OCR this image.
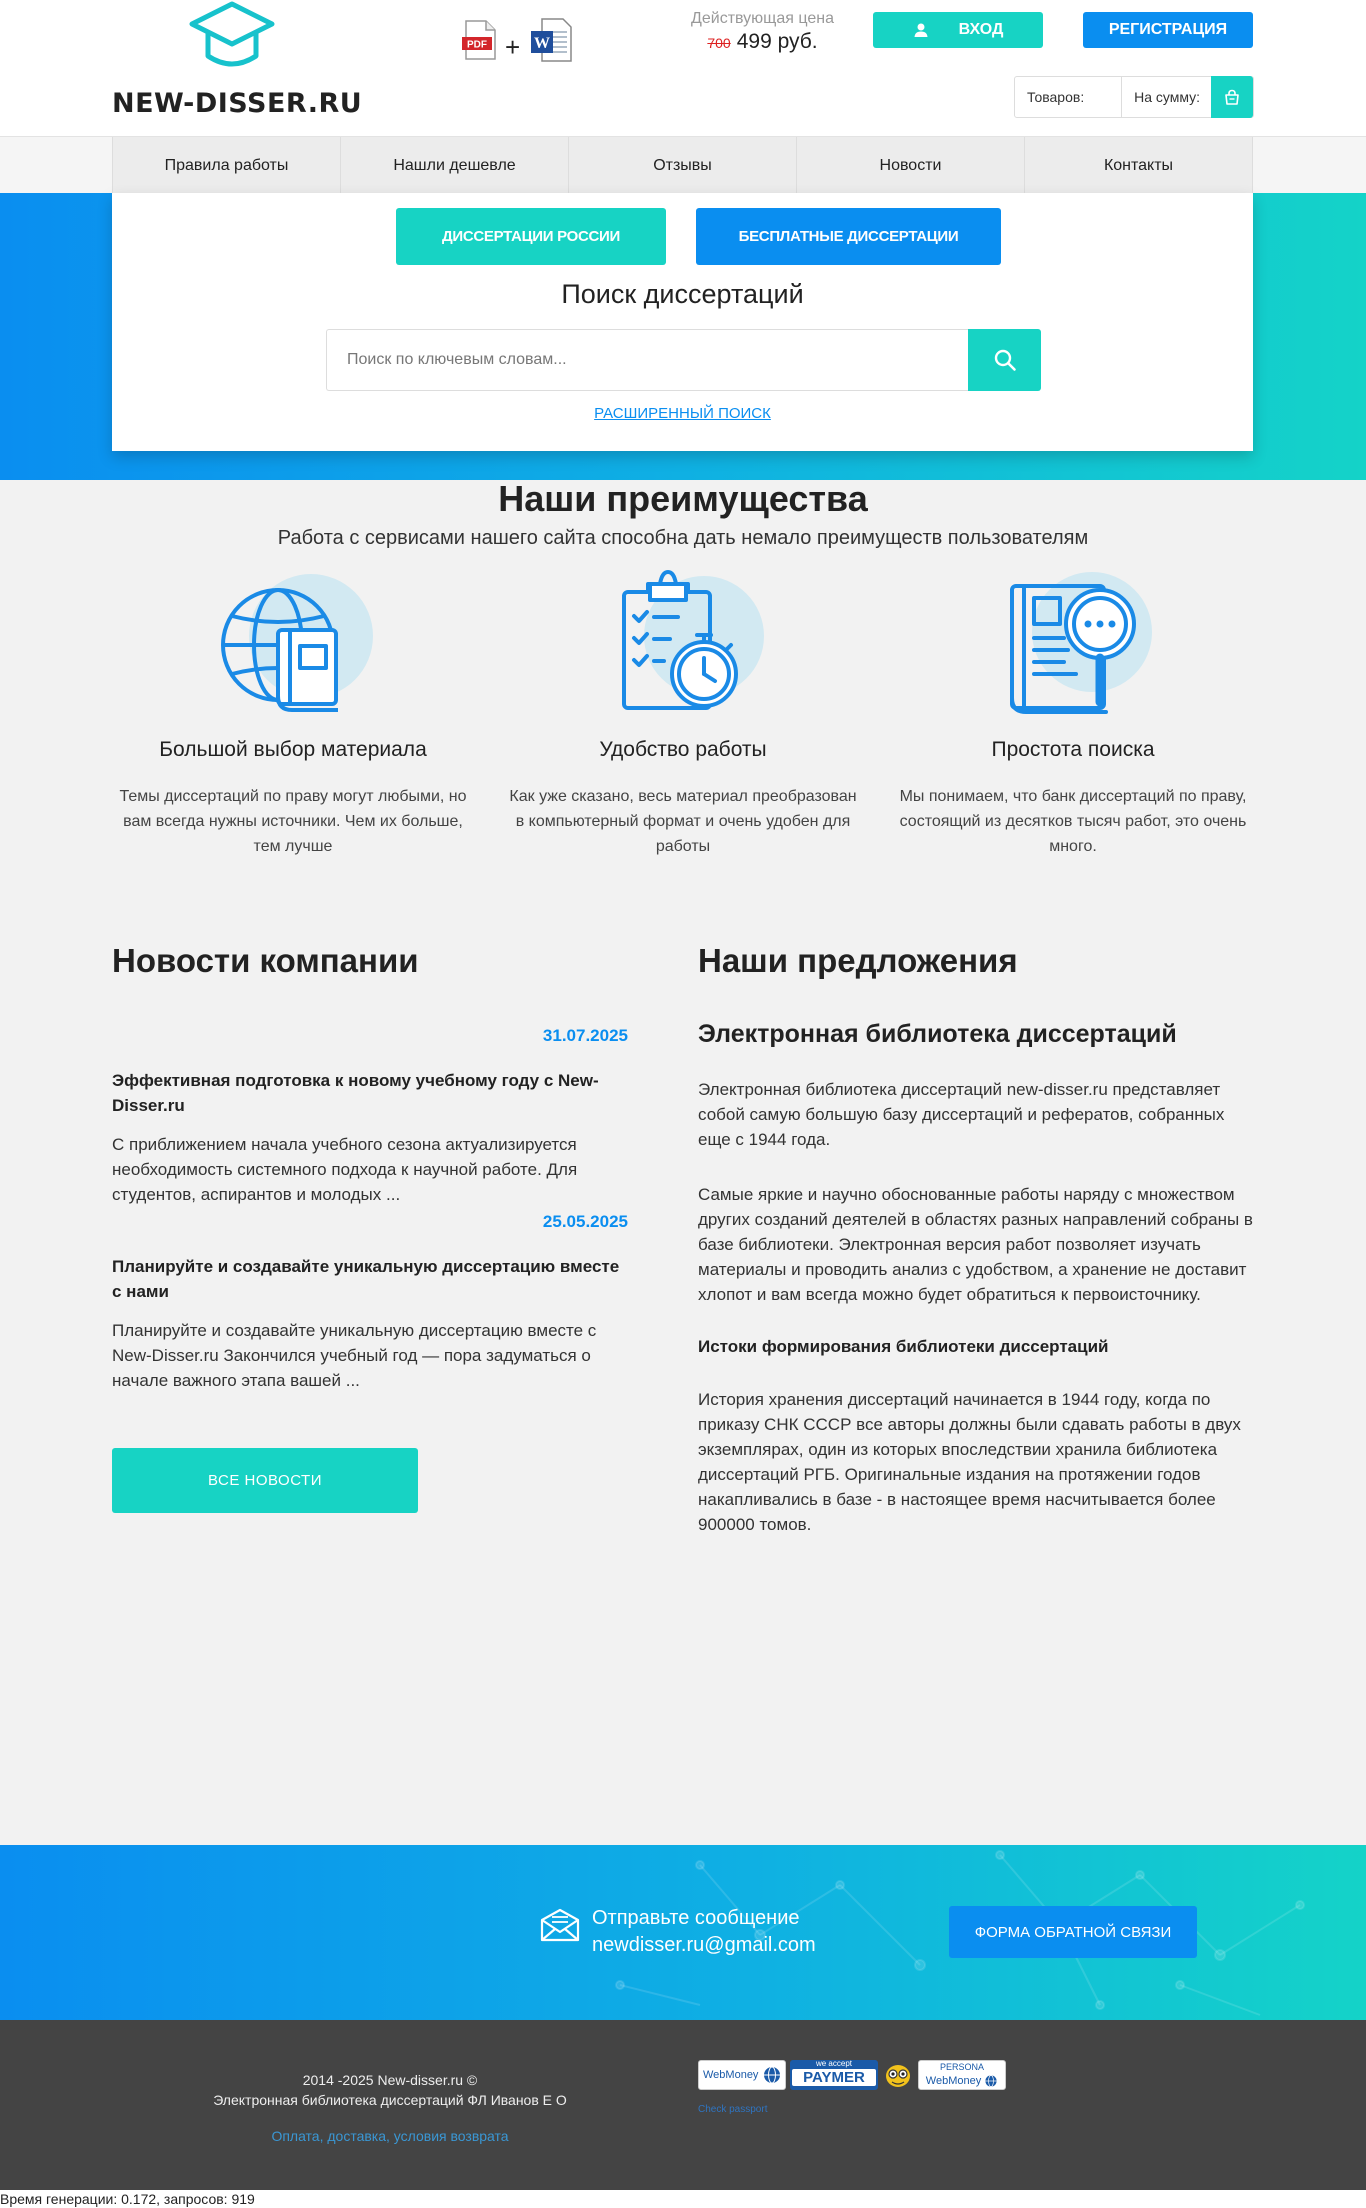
NEW-DISSER.RU
PDF + W
Действующая цена
700 499 руб.
ВХОД	РЕГИСТРАЦИЯ
Товаров:	На сумму:
Правила работы	Нашли дешевле	Отзывы	Новости	Контакты
ДИССЕРТАЦИИ РОССИИ	БЕСПЛАТНЫЕ ДИССЕРТАЦИИ
Поиск диссертаций
Поиск по ключевым словам...
РАСШИРЕННЫЙ ПОИСК
Наши преимущества
Работа с сервисами нашего сайта способна дать немало преимуществ пользователям
Большой выбор материала
Темы диссертаций по праву могут любыми, но вам всегда нужны источники. Чем их больше, тем лучше
Удобство работы
Как уже сказано, весь материал преобразован в компьютерный формат и очень удобен для работы
Простота поиска
Мы понимаем, что банк диссертаций по праву, состоящий из десятков тысяч работ, это очень много.
Новости компании
31.07.2025
Эффективная подготовка к новому учебному году с New-Disser.ru
С приближением начала учебного сезона актуализируется необходимость системного подхода к научной работе. Для студентов, аспирантов и молодых ...
25.05.2025
Планируйте и создавайте уникальную диссертацию вместе с нами
Планируйте и создавайте уникальную диссертацию вместе с New-Disser.ru Закончился учебный год — пора задуматься о начале важного этапа вашей ...
ВСЕ НОВОСТИ
Наши предложения
Электронная библиотека диссертаций

Электронная библиотека диссертаций new-disser.ru представляет собой самую большую базу диссертаций и рефератов, собранных еще с 1944 года.

Самые яркие и научно обоснованные работы наряду с множеством других созданий деятелей в областях разных направлений собраны в базе библиотеки. Электронная версия работ позволяет изучать материалы и проводить анализ с удобством, а хранение не доставит хлопот и вам всегда можно будет обратиться к первоисточнику.

Истоки формирования библиотеки диссертаций

История хранения диссертаций начинается в 1944 году, когда по приказу СНК СССР все авторы должны были сдавать работы в двух экземплярах, один из которых впоследствии хранила библиотека диссертаций РГБ. Оригинальные издания на протяжении годов накапливались в базе - в настоящее время насчитывается более 900000 томов.

Отправьте сообщение
newdisser.ru@gmail.com
ФОРМА ОБРАТНОЙ СВЯЗИ
2014 -2025 New-disser.ru ©
Электронная библиотека диссертаций ФЛ Иванов Е О
Оплата, доставка, условия возврата
WebMoney
we accept
PAYMER
PERSONA
WebMoney
Check passport
Время генерации: 0.172, запросов: 919
